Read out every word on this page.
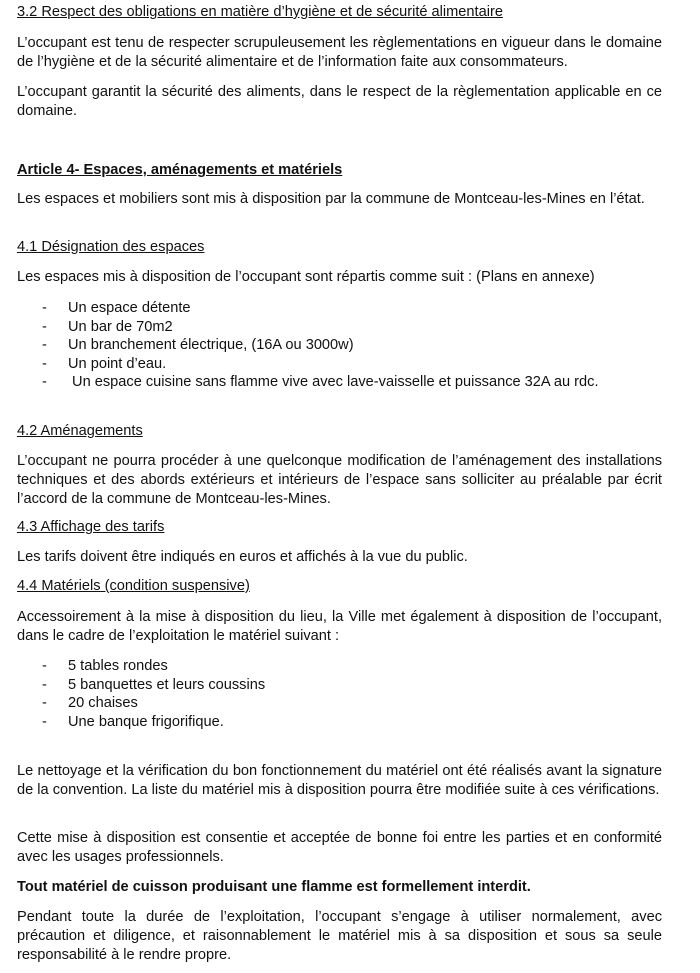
3.2 Respect des obligations en matière d’hygiène et de sécurité alimentaire

L’occupant est tenu de respecter scrupuleusement les règlementations en vigueur dans le domaine de l’hygiène et de la sécurité alimentaire et de l’information faite aux consommateurs.

L’occupant garantit la sécurité des aliments, dans le respect de la règlementation applicable en ce domaine.

Article 4- Espaces, aménagements et matériels

Les espaces et mobiliers sont mis à disposition par la commune de Montceau-les-Mines en l’état.

4.1 Désignation des espaces

Les espaces mis à disposition de l’occupant sont répartis comme suit : (Plans en annexe)

- Un espace détente
- Un bar de 70m2
- Un branchement électrique, (16A ou 3000w)
- Un point d’eau.
- Un espace cuisine sans flamme vive avec lave-vaisselle et puissance 32A au rdc.

4.2 Aménagements

L’occupant ne pourra procéder à une quelconque modification de l’aménagement des installations techniques et des abords extérieurs et intérieurs de l’espace sans solliciter au préalable par écrit l’accord de la commune de Montceau-les-Mines.

4.3 Affichage des tarifs

Les tarifs doivent être indiqués en euros et affichés à la vue du public.

4.4 Matériels (condition suspensive)

Accessoirement à la mise à disposition du lieu, la Ville met également à disposition de l’occupant, dans le cadre de l’exploitation le matériel suivant :

- 5 tables rondes
- 5 banquettes et leurs coussins
- 20 chaises
- Une banque frigorifique.

Le nettoyage et la vérification du bon fonctionnement du matériel ont été réalisés avant la signature de la convention. La liste du matériel mis à disposition pourra être modifiée suite à ces vérifications.

Cette mise à disposition est consentie et acceptée de bonne foi entre les parties et en conformité avec les usages professionnels.

Tout matériel de cuisson produisant une flamme est formellement interdit.

Pendant toute la durée de l’exploitation, l’occupant s’engage à utiliser normalement, avec précaution et diligence, et raisonnablement le matériel mis à sa disposition et sous sa seule responsabilité à le rendre propre.
